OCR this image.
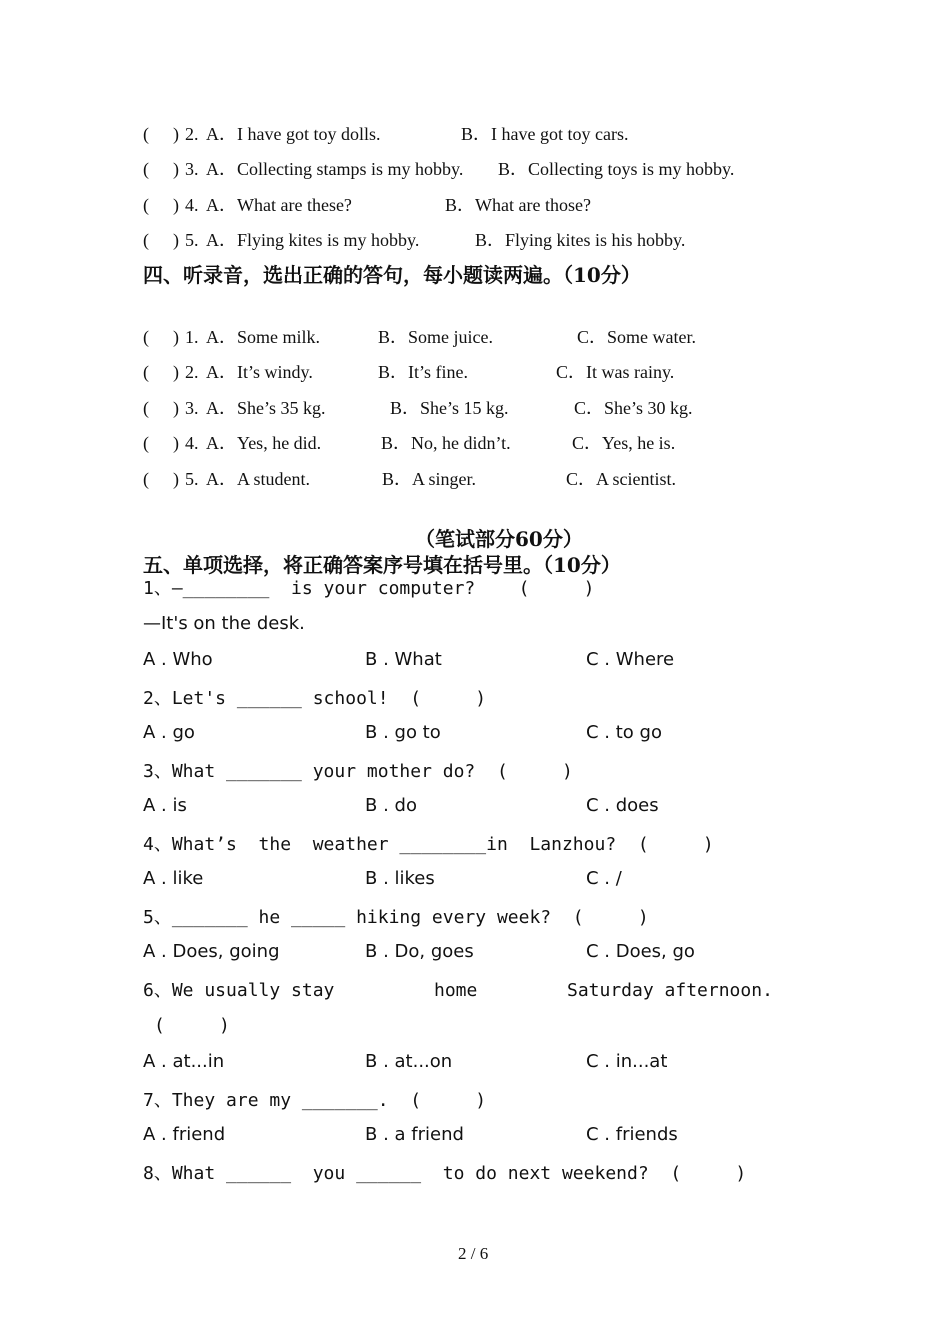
( ) 2. A．I have got toy dolls.	B．I have got toy cars.
( ) 3. A．Collecting stamps is my hobby. B．Collecting toys is my hobby.
( ) 4. A．What are these?	B．What are those?
( ) 5. A．Flying kites is my hobby.	B．Flying kites is his hobby.
四、听录音，选出正确的答句，每小题读两遍。（10分）
( ) 1. A．Some milk.	B．Some juice.	C．Some water.
( ) 2. A．It’s windy.	B．It’s fine.	C．It was rainy.
( ) 3. A．She’s 35 kg.	B．She’s 15 kg.	C．She’s 30 kg.
( ) 4. A．Yes, he did.	B．No, he didn’t.	C．Yes, he is.
( ) 5. A．A student.	B．A singer.	C．A scientist.
（笔试部分60分）
五、单项选择，将正确答案序号填在括号里。（10分）
1、—________  is your computer?    (     )
—It's on the desk.
A . Who	B . What	C . Where
2、Let's ______ school!  (     )
A . go	B . go to	C . to go
3、What _______ your mother do?  (     )
A . is	B . do	C . does
4、What’s  the  weather ________in  Lanzhou?  (     )
A . like	B . likes	C . /
5、_______ he _____ hiking every week?  (     )
A . Does, going	B . Do, goes	C . Does, go
6、We usually stay	home	Saturday afternoon.
(     )
A . at...in	B . at...on	C . in...at
7、They are my _______.  (     )
A . friend	B . a friend	C . friends
8、What ______  you ______  to do next weekend?  (     )
2 / 6
